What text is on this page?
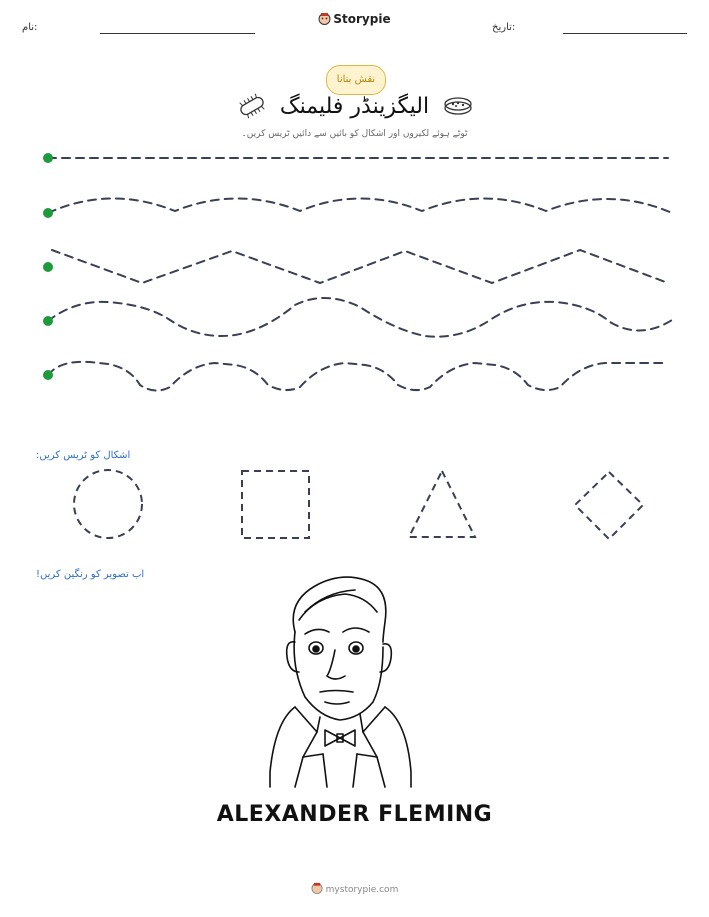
نام:
Storypie
تاریخ:
نقش بنانا
الیگزینڈر فلیمنگ
ٹوٹے ہوئے لکیروں اور اشکال کو بائیں سے دائیں ٹریس کریں۔
اشکال کو ٹریس کریں:
اب تصویر کو رنگین کریں!
ALEXANDER FLEMING
mystorypie.com
